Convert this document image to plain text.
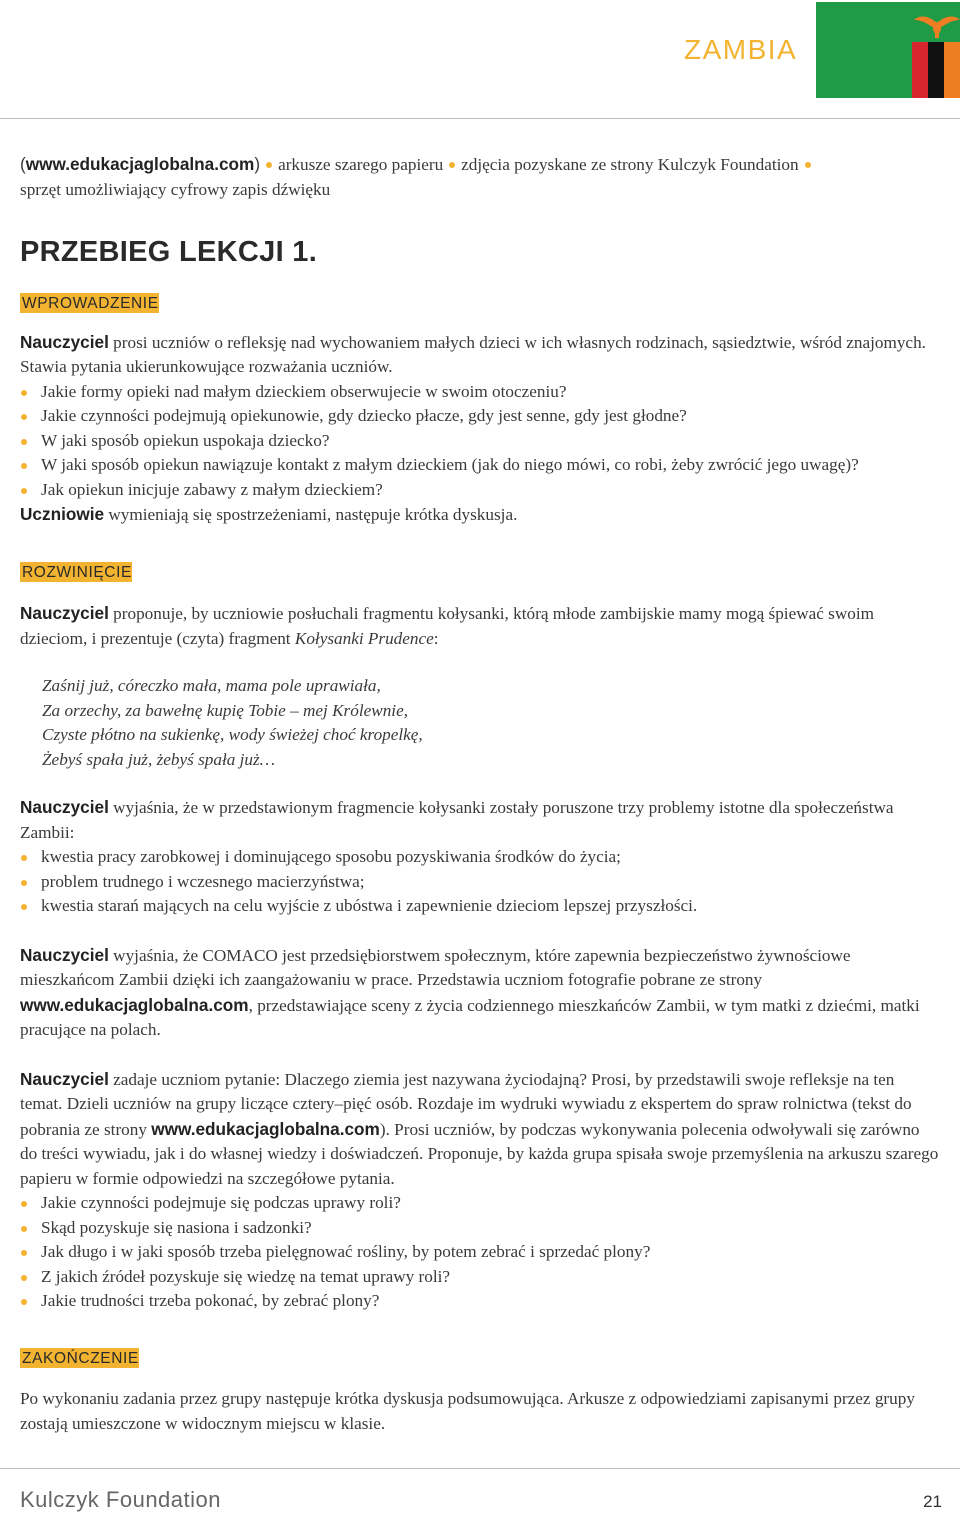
ZAMBIA

(www.edukacjaglobalna.com) arkusze szarego papieru zdjęcia pozyskane ze strony Kulczyk Foundation
sprzęt umożliwiający cyfrowy zapis dźwięku

PRZEBIEG LEKCJI 1.
WPROWADZENIE

Nauczyciel prosi uczniów o refleksję nad wychowaniem małych dzieci w ich własnych rodzinach, sąsiedztwie, wśród znajomych. Stawia pytania ukierunkowujące rozważania uczniów.

Jakie formy opieki nad małym dzieckiem obserwujecie w swoim otoczeniu?
Jakie czynności podejmują opiekunowie, gdy dziecko płacze, gdy jest senne, gdy jest głodne?
W jaki sposób opiekun uspokaja dziecko?
W jaki sposób opiekun nawiązuje kontakt z małym dzieckiem (jak do niego mówi, co robi, żeby zwrócić jego uwagę)?
Jak opiekun inicjuje zabawy z małym dzieckiem?

Uczniowie wymieniają się spostrzeżeniami, następuje krótka dyskusja.

ROZWINIĘCIE

Nauczyciel proponuje, by uczniowie posłuchali fragmentu kołysanki, którą młode zambijskie mamy mogą śpiewać swoim dzieciom, i prezentuje (czyta) fragment Kołysanki Prudence:

Zaśnij już, córeczko mała, mama pole uprawiała,

Za orzechy, za bawełnę kupię Tobie – mej Królewnie,

Czyste płótno na sukienkę, wody świeżej choć kropelkę,

Żebyś spała już, żebyś spała już…

Nauczyciel wyjaśnia, że w przedstawionym fragmencie kołysanki zostały poruszone trzy problemy istotne dla społeczeństwa Zambii:

kwestia pracy zarobkowej i dominującego sposobu pozyskiwania środków do życia;
problem trudnego i wczesnego macierzyństwa;
kwestia starań mających na celu wyjście z ubóstwa i zapewnienie dzieciom lepszej przyszłości.

Nauczyciel wyjaśnia, że COMACO jest przedsiębiorstwem społecznym, które zapewnia bezpieczeństwo żywnościowe mieszkańcom Zambii dzięki ich zaangażowaniu w prace. Przedstawia uczniom fotografie pobrane ze strony www.edukacjaglobalna.com, przedstawiające sceny z życia codziennego mieszkańców Zambii, w tym matki z dziećmi, matki pracujące na polach.

Nauczyciel zadaje uczniom pytanie: Dlaczego ziemia jest nazywana życiodajną? Prosi, by przedstawili swoje refleksje na ten temat. Dzieli uczniów na grupy liczące cztery–pięć osób. Rozdaje im wydruki wywiadu z ekspertem do spraw rolnictwa (tekst do pobrania ze strony www.edukacjaglobalna.com). Prosi uczniów, by podczas wykonywania polecenia odwoływali się zarówno do treści wywiadu, jak i do własnej wiedzy i doświadczeń. Proponuje, by każda grupa spisała swoje przemyślenia na arkuszu szarego papieru w formie odpowiedzi na szczegółowe pytania.

Jakie czynności podejmuje się podczas uprawy roli?
Skąd pozyskuje się nasiona i sadzonki?
Jak długo i w jaki sposób trzeba pielęgnować rośliny, by potem zebrać i sprzedać plony?
Z jakich źródeł pozyskuje się wiedzę na temat uprawy roli?
Jakie trudności trzeba pokonać, by zebrać plony?
ZAKOŃCZENIE

Po wykonaniu zadania przez grupy następuje krótka dyskusja podsumowująca. Arkusze z odpowiedziami zapisanymi przez grupy zostają umieszczone w widocznym miejscu w klasie.

Kulczyk Foundation	21
